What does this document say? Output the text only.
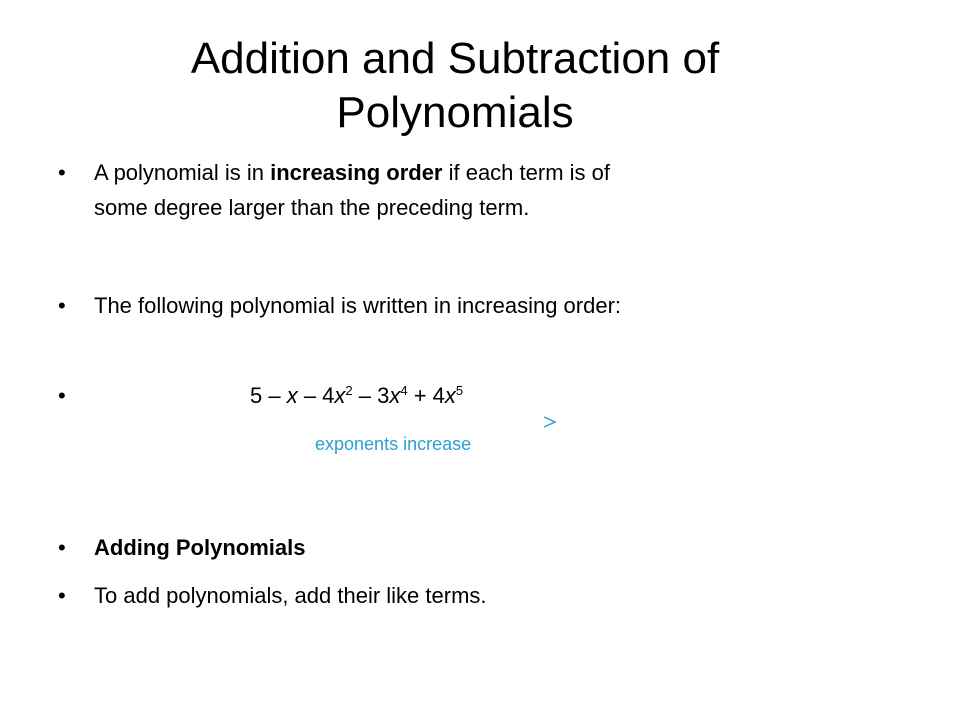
Addition and Subtraction of Polynomials
•	A polynomial is in increasing order if each term is of
some degree larger than the preceding term.
•	The following polynomial is written in increasing order:
•	$5 - x - 4x^2 - 3x^4 + 4x^5$
exponents increase
•	Adding Polynomials
•	To add polynomials, add their like terms.
